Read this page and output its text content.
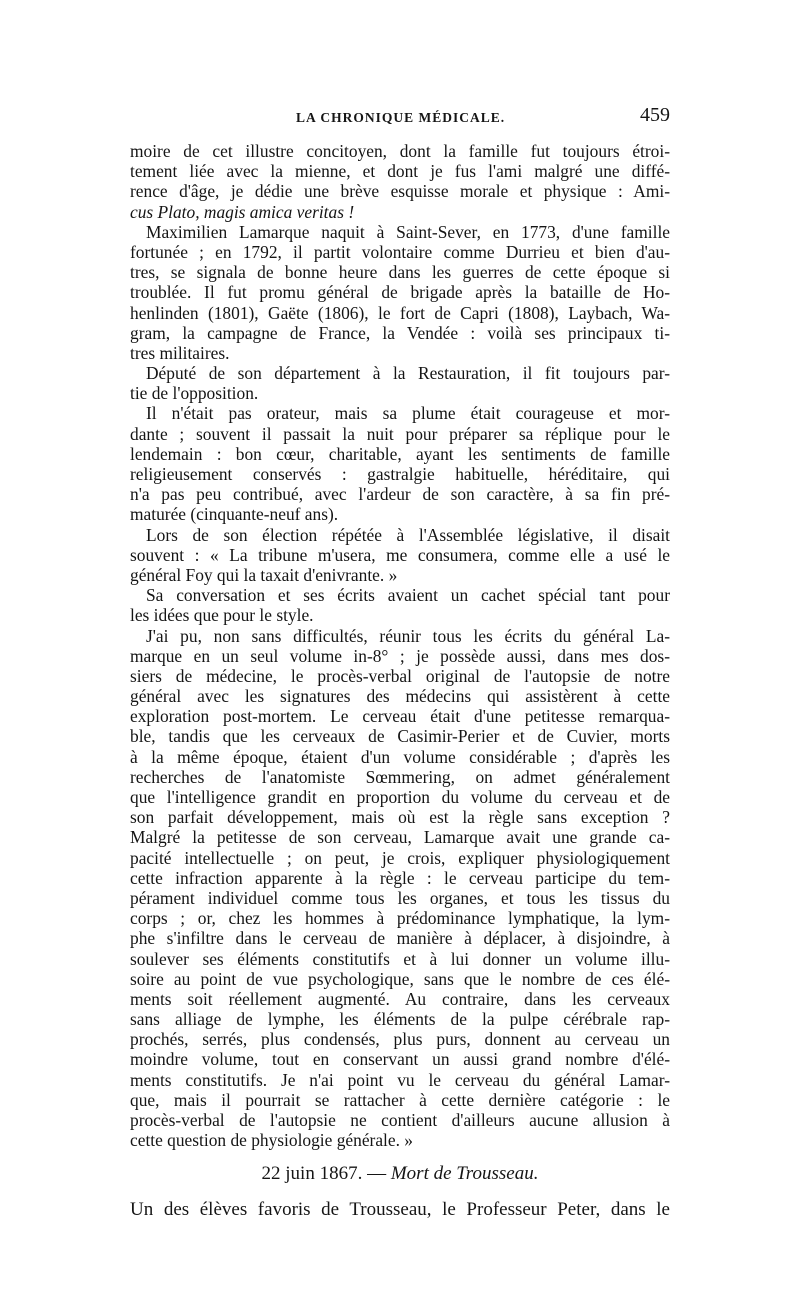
LA CHRONIQUE MÉDICALE.	459
moire de cet illustre concitoyen, dont la famille fut toujours étroi-
tement liée avec la mienne, et dont je fus l'ami malgré une diffé-
rence d'âge, je dédie une brève esquisse morale et physique : Ami-
cus Plato, magis amica veritas !
Maximilien Lamarque naquit à Saint-Sever, en 1773, d'une famille
fortunée ; en 1792, il partit volontaire comme Durrieu et bien d'au-
tres, se signala de bonne heure dans les guerres de cette époque si
troublée. Il fut promu général de brigade après la bataille de Ho-
henlinden (1801), Gaëte (1806), le fort de Capri (1808), Laybach, Wa-
gram, la campagne de France, la Vendée : voilà ses principaux ti-
tres militaires.
Député de son département à la Restauration, il fit toujours par-
tie de l'opposition.
Il n'était pas orateur, mais sa plume était courageuse et mor-
dante ; souvent il passait la nuit pour préparer sa réplique pour le
lendemain : bon cœur, charitable, ayant les sentiments de famille
religieusement conservés : gastralgie habituelle, héréditaire, qui
n'a pas peu contribué, avec l'ardeur de son caractère, à sa fin pré-
maturée (cinquante-neuf ans).
Lors de son élection répétée à l'Assemblée législative, il disait
souvent : « La tribune m'usera, me consumera, comme elle a usé le
général Foy qui la taxait d'enivrante. »
Sa conversation et ses écrits avaient un cachet spécial tant pour
les idées que pour le style.
J'ai pu, non sans difficultés, réunir tous les écrits du général La-
marque en un seul volume in-8° ; je possède aussi, dans mes dos-
siers de médecine, le procès-verbal original de l'autopsie de notre
général avec les signatures des médecins qui assistèrent à cette
exploration post-mortem. Le cerveau était d'une petitesse remarqua-
ble, tandis que les cerveaux de Casimir-Perier et de Cuvier, morts
à la même époque, étaient d'un volume considérable ; d'après les
recherches de l'anatomiste Sœmmering, on admet généralement
que l'intelligence grandit en proportion du volume du cerveau et de
son parfait développement, mais où est la règle sans exception ?
Malgré la petitesse de son cerveau, Lamarque avait une grande ca-
pacité intellectuelle ; on peut, je crois, expliquer physiologiquement
cette infraction apparente à la règle : le cerveau participe du tem-
pérament individuel comme tous les organes, et tous les tissus du
corps ; or, chez les hommes à prédominance lymphatique, la lym-
phe s'infiltre dans le cerveau de manière à déplacer, à disjoindre, à
soulever ses éléments constitutifs et à lui donner un volume illu-
soire au point de vue psychologique, sans que le nombre de ces élé-
ments soit réellement augmenté. Au contraire, dans les cerveaux
sans alliage de lymphe, les éléments de la pulpe cérébrale rap-
prochés, serrés, plus condensés, plus purs, donnent au cerveau un
moindre volume, tout en conservant un aussi grand nombre d'élé-
ments constitutifs. Je n'ai point vu le cerveau du général Lamar-
que, mais il pourrait se rattacher à cette dernière catégorie : le
procès-verbal de l'autopsie ne contient d'ailleurs aucune allusion à
cette question de physiologie générale. »
22 juin 1867. — Mort de Trousseau.
Un des élèves favoris de Trousseau, le Professeur Peter, dans le
